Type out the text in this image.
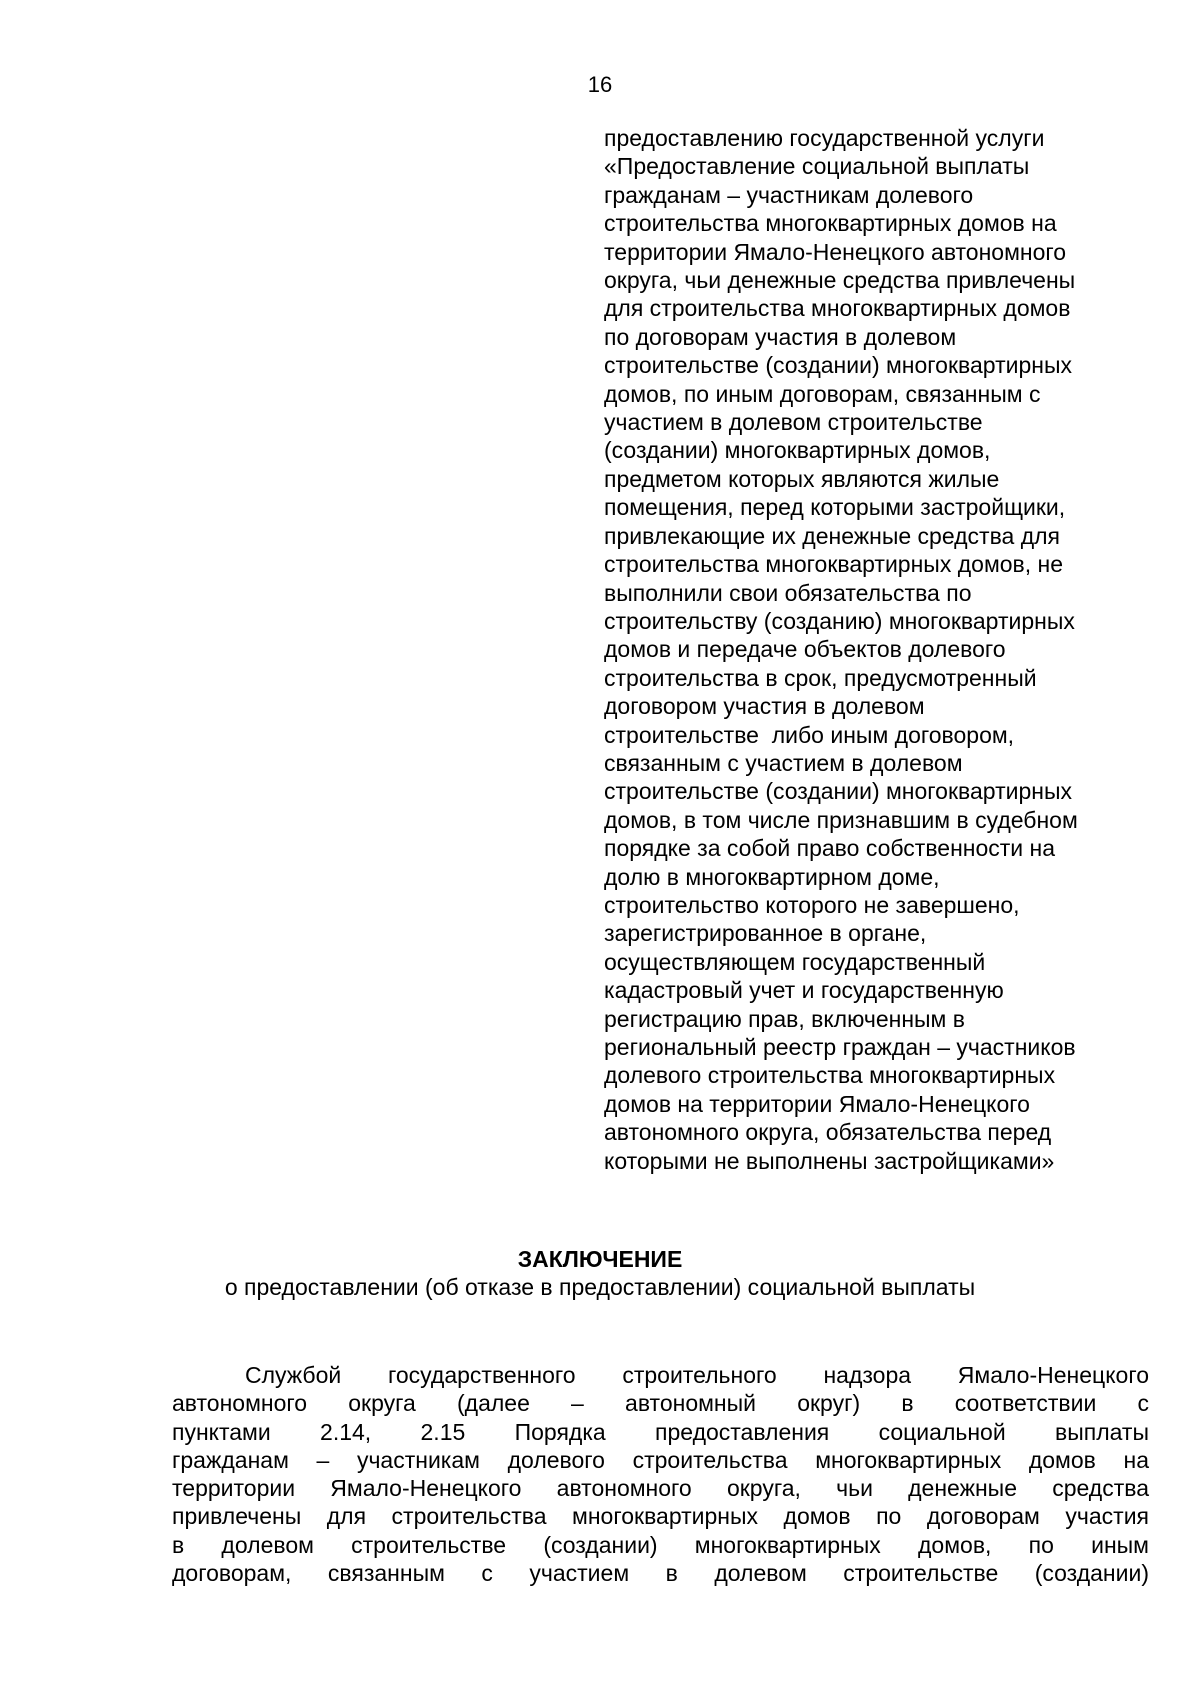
16
предоставлению государственной услуги
«Предоставление социальной выплаты
гражданам – участникам долевого
строительства многоквартирных домов на
территории Ямало-Ненецкого автономного
округа, чьи денежные средства привлечены
для строительства многоквартирных домов
по договорам участия в долевом
строительстве (создании) многоквартирных
домов, по иным договорам, связанным с
участием в долевом строительстве
(создании) многоквартирных домов,
предметом которых являются жилые
помещения, перед которыми застройщики,
привлекающие их денежные средства для
строительства многоквартирных домов, не
выполнили свои обязательства по
строительству (созданию) многоквартирных
домов и передаче объектов долевого
строительства в срок, предусмотренный
договором участия в долевом
строительстве  либо иным договором,
связанным с участием в долевом
строительстве (создании) многоквартирных
домов, в том числе признавшим в судебном
порядке за собой право собственности на
долю в многоквартирном доме,
строительство которого не завершено,
зарегистрированное в органе,
осуществляющем государственный
кадастровый учет и государственную
регистрацию прав, включенным в
региональный реестр граждан – участников
долевого строительства многоквартирных
домов на территории Ямало-Ненецкого
автономного округа, обязательства перед
которыми не выполнены застройщиками»
ЗАКЛЮЧЕНИЕ
о предоставлении (об отказе в предоставлении) социальной выплаты
Службой государственного строительного надзора Ямало-Ненецкого
автономного округа (далее – автономный округ) в соответствии с
пунктами 2.14, 2.15 Порядка предоставления социальной выплаты
гражданам – участникам долевого строительства многоквартирных домов на
территории Ямало-Ненецкого автономного округа, чьи денежные средства
привлечены для строительства многоквартирных домов по договорам участия
в долевом строительстве (создании) многоквартирных домов, по иным
договорам, связанным с участием в долевом строительстве (создании)
